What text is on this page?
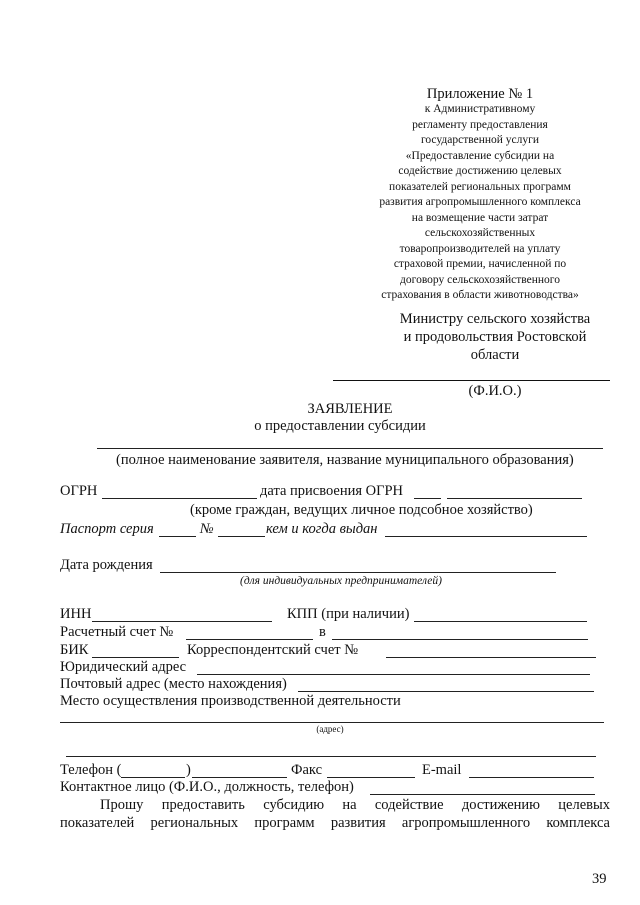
Приложение № 1
к Административному
регламенту предоставления
государственной услуги
«Предоставление субсидии на
содействие достижению целевых
показателей региональных программ
развития агропромышленного комплекса
на возмещение части затрат
сельскохозяйственных
товаропроизводителей на уплату
страховой премии, начисленной по
договору сельскохозяйственного
страхования в области животноводства»
Министру сельского хозяйства
и продовольствия Ростовской
области
(Ф.И.О.)
ЗАЯВЛЕНИЕ
о предоставлении субсидии
(полное наименование заявителя, название муниципального образования)
ОГРН	дата присвоения ОГРН
(кроме граждан, ведущих личное подсобное хозяйство)
Паспорт серия	№	кем и когда выдан
Дата рождения
(для индивидуальных предпринимателей)
ИНН	КПП (при наличии)
Расчетный счет №	в
БИК	Корреспондентский счет №
Юридический адрес
Почтовый адрес (место нахождения)
Место осуществления производственной деятельности
(адрес)
Телефон (	)	Факс	E-mail
Контактное лицо (Ф.И.О., должность, телефон)
Прошу предоставить субсидию на содействие достижению целевых
показателей региональных программ развития агропромышленного комплекса
39
